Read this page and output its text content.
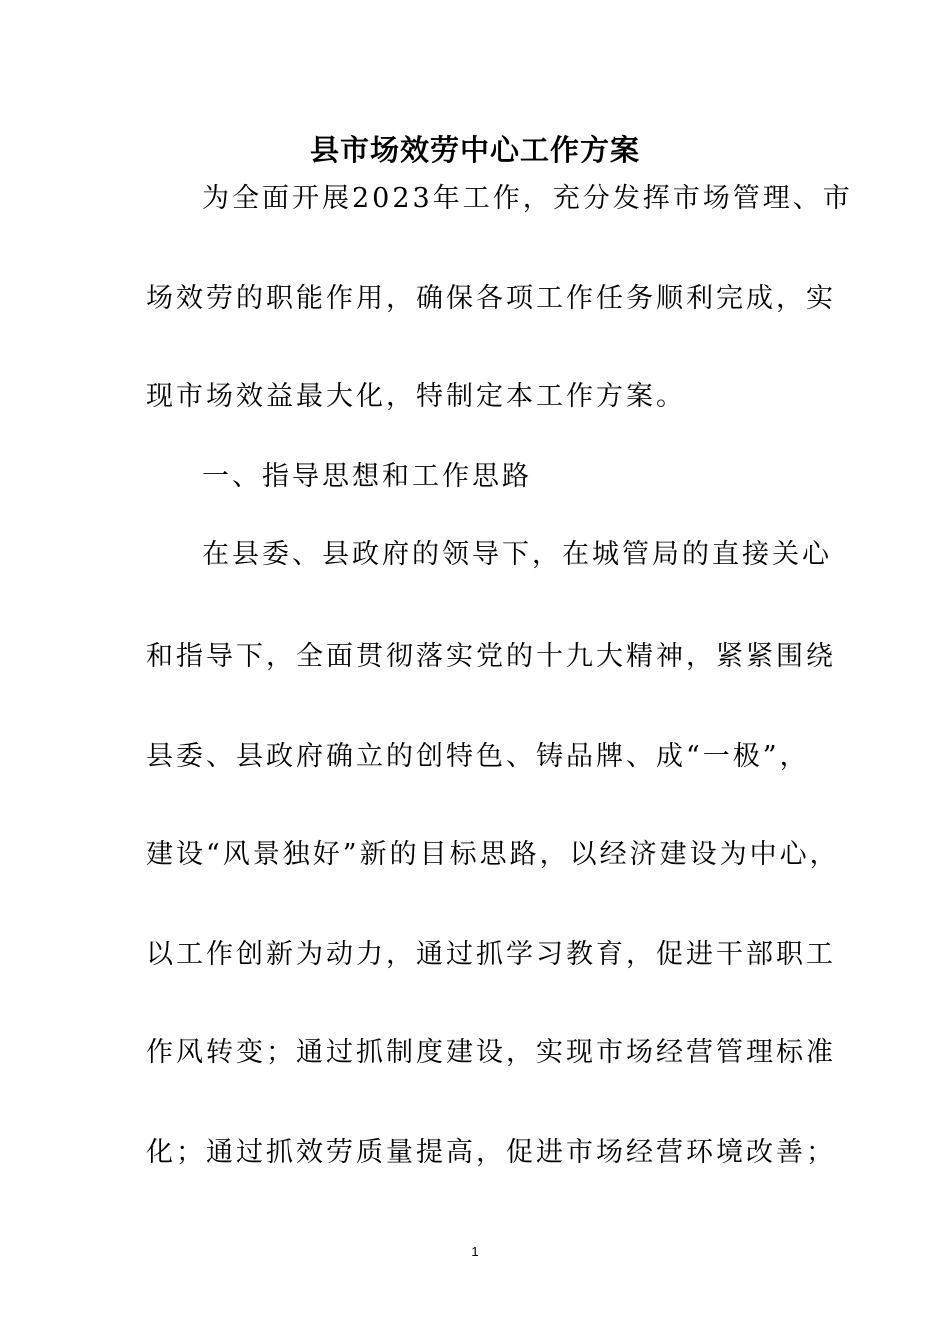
县市场效劳中心工作方案
为全面开展2023年工作，充分发挥市场管理、市
场效劳的职能作用，确保各项工作任务顺利完成，实
现市场效益最大化，特制定本工作方案。
一、指导思想和工作思路
在县委、县政府的领导下，在城管局的直接关心
和指导下，全面贯彻落实党的十九大精神，紧紧围绕
县委、县政府确立的创特色、铸品牌、成“一极”，
建设“风景独好”新的目标思路，以经济建设为中心，
以工作创新为动力，通过抓学习教育，促进干部职工
作风转变；通过抓制度建设，实现市场经营管理标准
化；通过抓效劳质量提高，促进市场经营环境改善；
1
